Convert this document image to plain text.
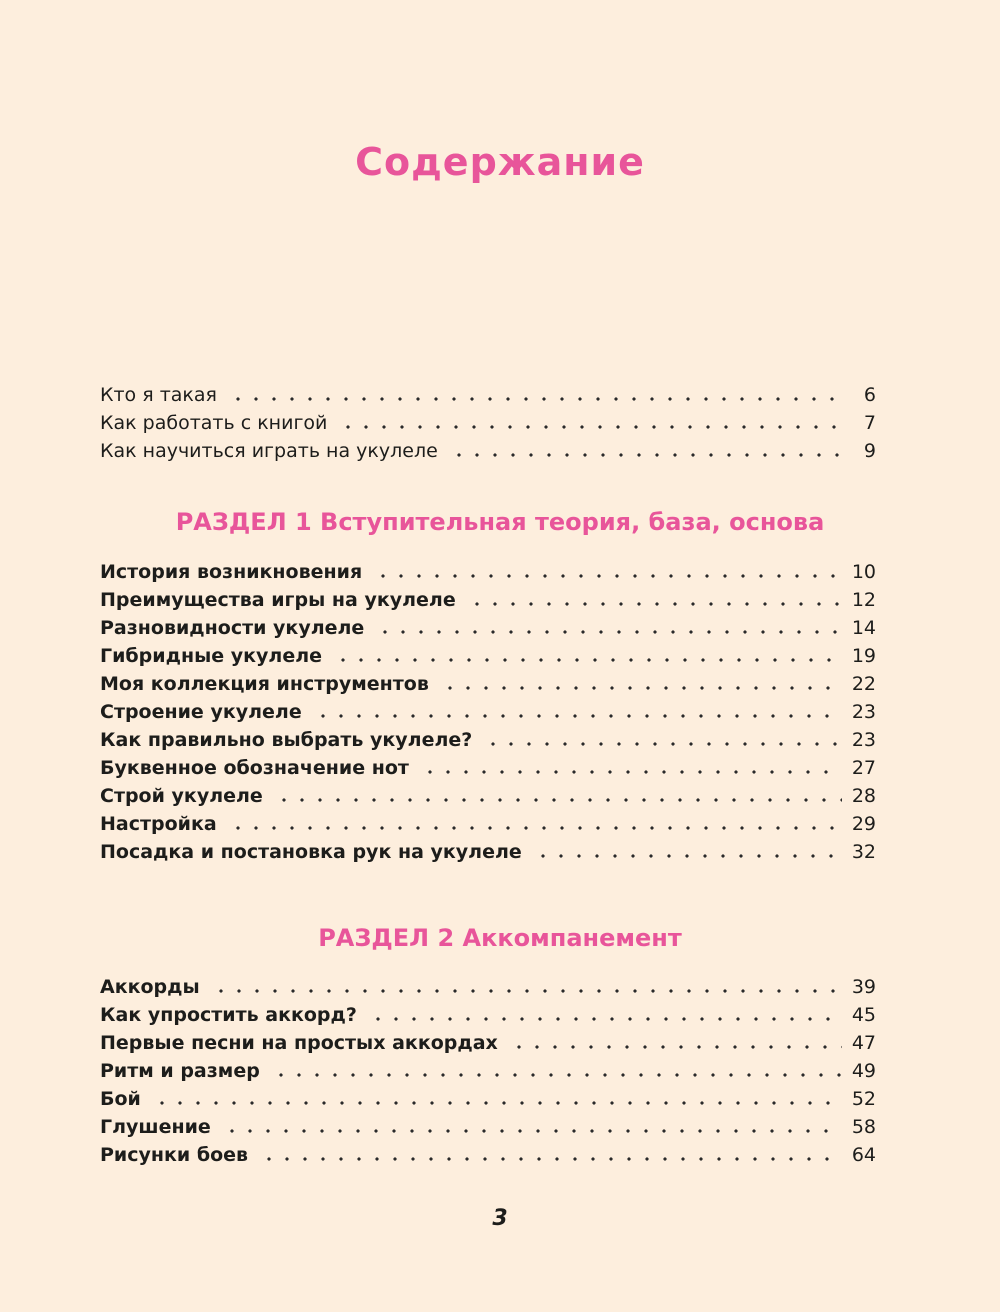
Содержание
Кто я такая	6
Как работать с книгой	7
Как научиться играть на укулеле	9
РАЗДЕЛ 1 Вступительная теория, база, основа
История возникновения	10
Преимущества игры на укулеле	12
Разновидности укулеле	14
Гибридные укулеле	19
Моя коллекция инструментов	22
Строение укулеле	23
Как правильно выбрать укулеле?	23
Буквенное обозначение нот	27
Строй укулеле	28
Настройка	29
Посадка и постановка рук на укулеле	32
РАЗДЕЛ 2 Аккомпанемент
Аккорды	39
Как упростить аккорд?	45
Первые песни на простых аккордах	47
Ритм и размер	49
Бой	52
Глушение	58
Рисунки боев	64
3
